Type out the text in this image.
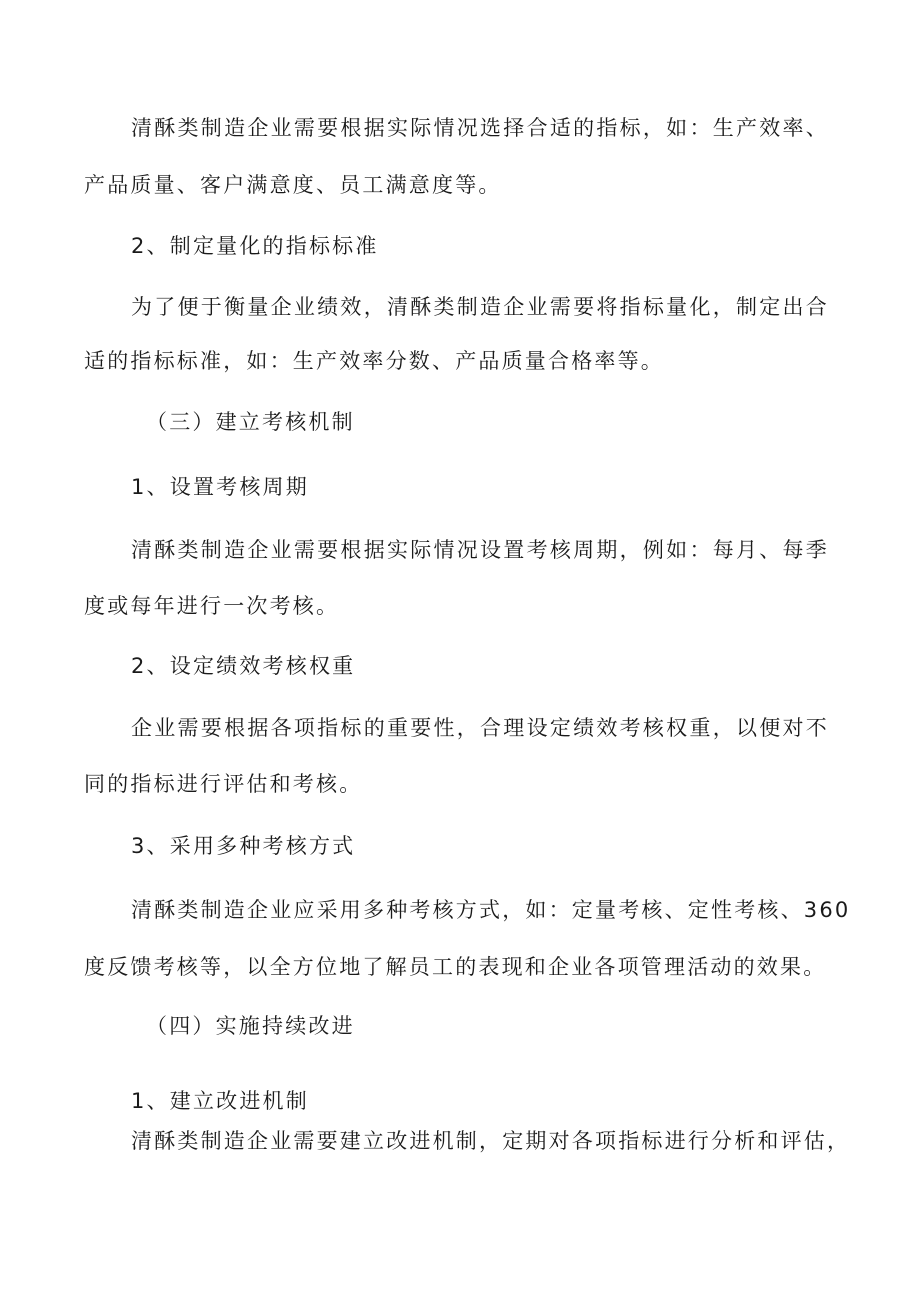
清酥类制造企业需要根据实际情况选择合适的指标，如：生产效率、
产品质量、客户满意度、员工满意度等。
2、制定量化的指标标准
为了便于衡量企业绩效，清酥类制造企业需要将指标量化，制定出合
适的指标标准，如：生产效率分数、产品质量合格率等。
（三）建立考核机制
1、设置考核周期
清酥类制造企业需要根据实际情况设置考核周期，例如：每月、每季
度或每年进行一次考核。
2、设定绩效考核权重
企业需要根据各项指标的重要性，合理设定绩效考核权重，以便对不
同的指标进行评估和考核。
3、采用多种考核方式
清酥类制造企业应采用多种考核方式，如：定量考核、定性考核、360
度反馈考核等，以全方位地了解员工的表现和企业各项管理活动的效果。
（四）实施持续改进
1、建立改进机制
清酥类制造企业需要建立改进机制，定期对各项指标进行分析和评估，
